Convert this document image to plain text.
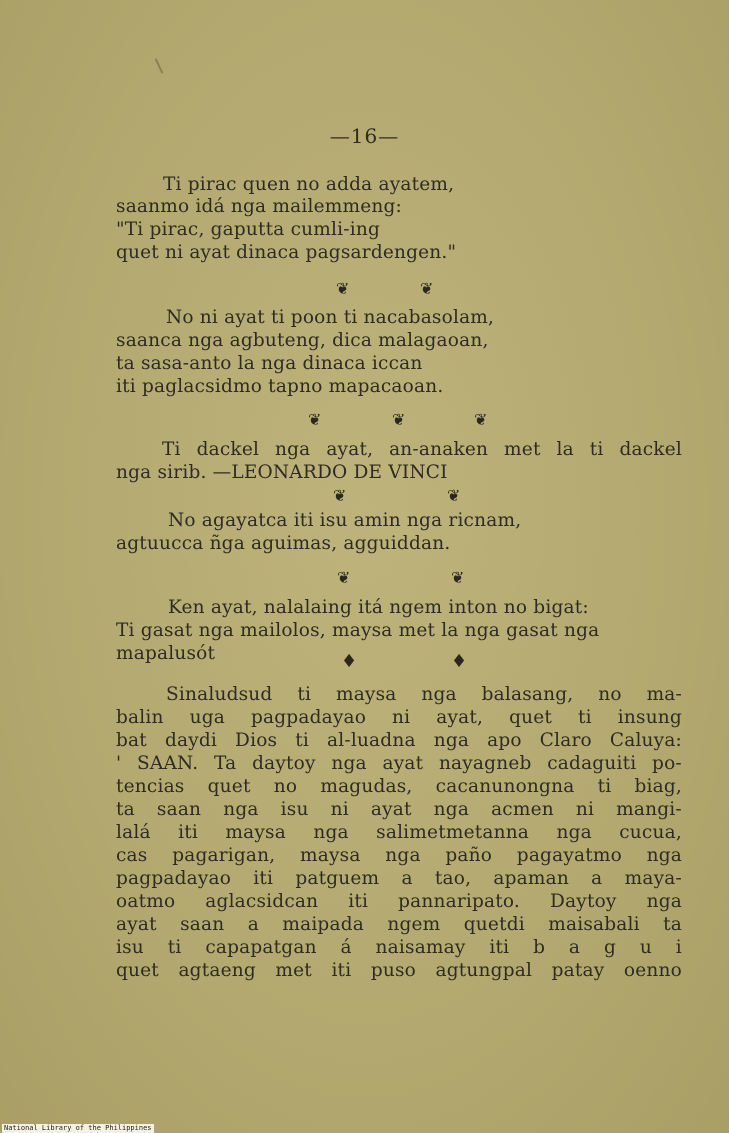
—16—
Ti pirac quen no adda ayatem,
saanmo idá nga mailemmeng:
"Ti pirac, gaputta cumli-ing
quet ni ayat dinaca pagsardengen."
❦	❦
No ni ayat ti poon ti nacabasolam,
saanca nga agbuteng, dica malagaoan,
ta sasa-anto la nga dinaca iccan
iti paglacsidmo tapno mapacaoan.
❦	❦	❦
Ti dackel nga ayat, an-anaken met la ti dackel
nga sirib. —LEONARDO DE VINCI
❦	❦
No agayatca iti isu amin nga ricnam,
agtuucca ñga aguimas, agguiddan.
❦	❦
Ken ayat, nalalaing itá ngem inton no bigat:
Ti gasat nga mailolos, maysa met la nga gasat nga
mapalusót	♦	♦
Sinaludsud ti maysa nga balasang, no ma-
balin uga pagpadayao ni ayat, quet ti insung
bat daydi Dios ti al-luadna nga apo Claro Caluya:
' SAAN. Ta daytoy nga ayat nayagneb cadaguiti po-
tencias quet no magudas, cacanunongna ti biag,
ta saan nga isu ni ayat nga acmen ni mangi-
lalá iti maysa nga salimetmetanna nga cucua,
cas pagarigan, maysa nga paño pagayatmo nga
pagpadayao iti patguem a tao, apaman a maya-
oatmo aglacsidcan iti pannaripato. Daytoy nga
ayat saan a maipada ngem quetdi maisabali ta
isu ti capapatgan á naisamay iti b a g u i
quet agtaeng met iti puso agtungpal patay oenno
National Library of the Philippines
